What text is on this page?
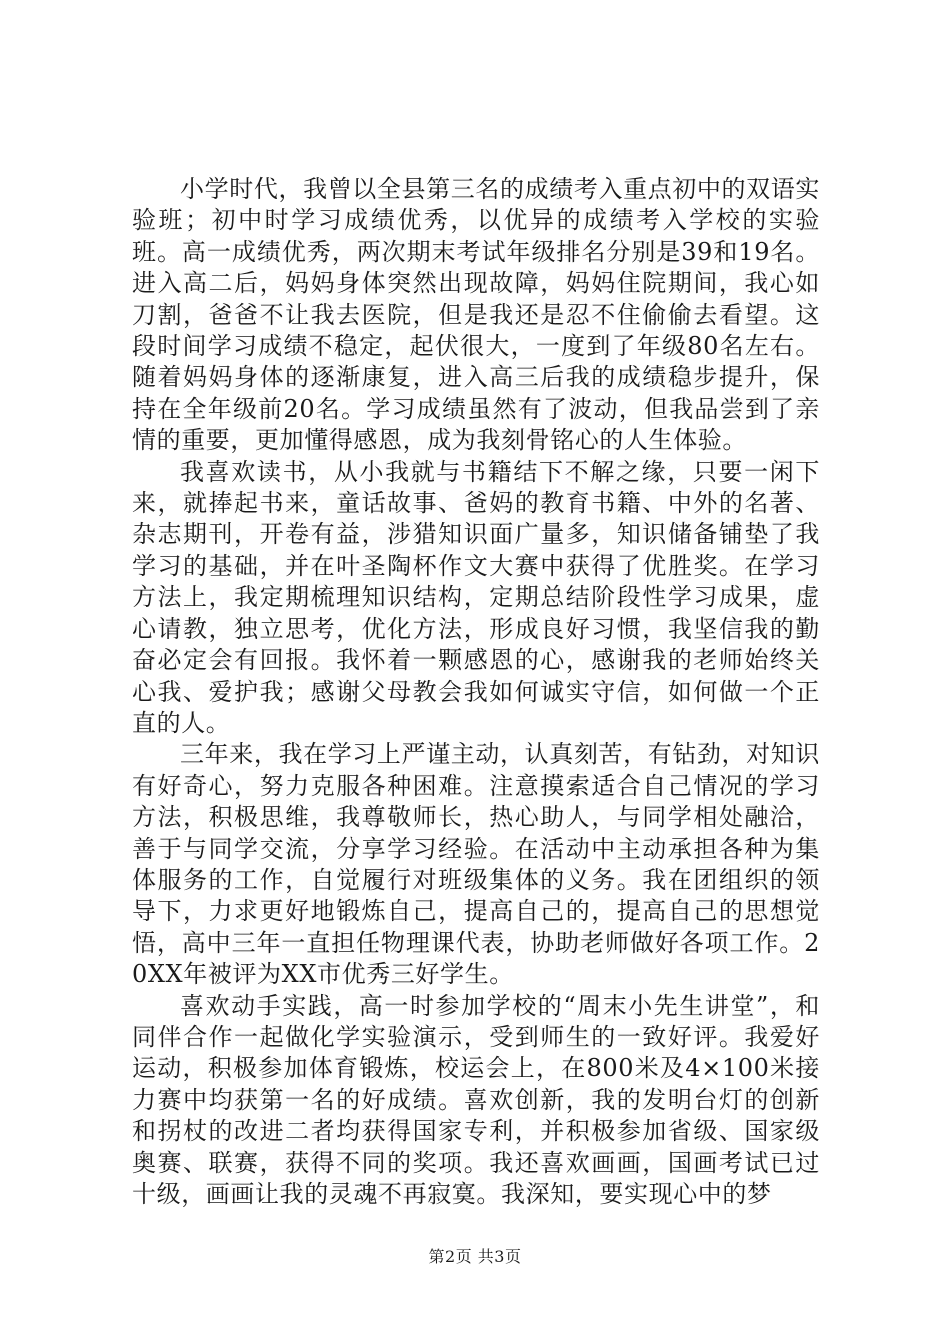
小学时代，我曾以全县第三名的成绩考入重点初中的双语实验班；初中时学习成绩优秀，以优异的成绩考入学校的实验班。高一成绩优秀，两次期末考试年级排名分别是39和19名。进入高二后，妈妈身体突然出现故障，妈妈住院期间，我心如刀割，爸爸不让我去医院，但是我还是忍不住偷偷去看望。这段时间学习成绩不稳定，起伏很大，一度到了年级80名左右。随着妈妈身体的逐渐康复，进入高三后我的成绩稳步提升，保持在全年级前20名。学习成绩虽然有了波动，但我品尝到了亲情的重要，更加懂得感恩，成为我刻骨铭心的人生体验。

我喜欢读书，从小我就与书籍结下不解之缘，只要一闲下来，就捧起书来，童话故事、爸妈的教育书籍、中外的名著、杂志期刊，开卷有益，涉猎知识面广量多，知识储备铺垫了我学习的基础，并在叶圣陶杯作文大赛中获得了优胜奖。在学习方法上，我定期梳理知识结构，定期总结阶段性学习成果，虚心请教，独立思考，优化方法，形成良好习惯，我坚信我的勤奋必定会有回报。我怀着一颗感恩的心，感谢我的老师始终关心我、爱护我；感谢父母教会我如何诚实守信，如何做一个正直的人。

三年来，我在学习上严谨主动，认真刻苦，有钻劲，对知识有好奇心，努力克服各种困难。注意摸索适合自己情况的学习方法，积极思维，我尊敬师长，热心助人，与同学相处融洽，善于与同学交流，分享学习经验。在活动中主动承担各种为集体服务的工作，自觉履行对班级集体的义务。我在团组织的领导下，力求更好地锻炼自己，提高自己的，提高自己的思想觉悟，高中三年一直担任物理课代表，协助老师做好各项工作。20XX年被评为XX市优秀三好学生。

喜欢动手实践，高一时参加学校的“周末小先生讲堂”，和同伴合作一起做化学实验演示，受到师生的一致好评。我爱好运动，积极参加体育锻炼，校运会上，在800米及4×100米接力赛中均获第一名的好成绩。喜欢创新，我的发明台灯的创新和拐杖的改进二者均获得国家专利，并积极参加省级、国家级奥赛、联赛，获得不同的奖项。我还喜欢画画，国画考试已过十级，画画让我的灵魂不再寂寞。我深知，要实现心中的梦

第2页 共3页
